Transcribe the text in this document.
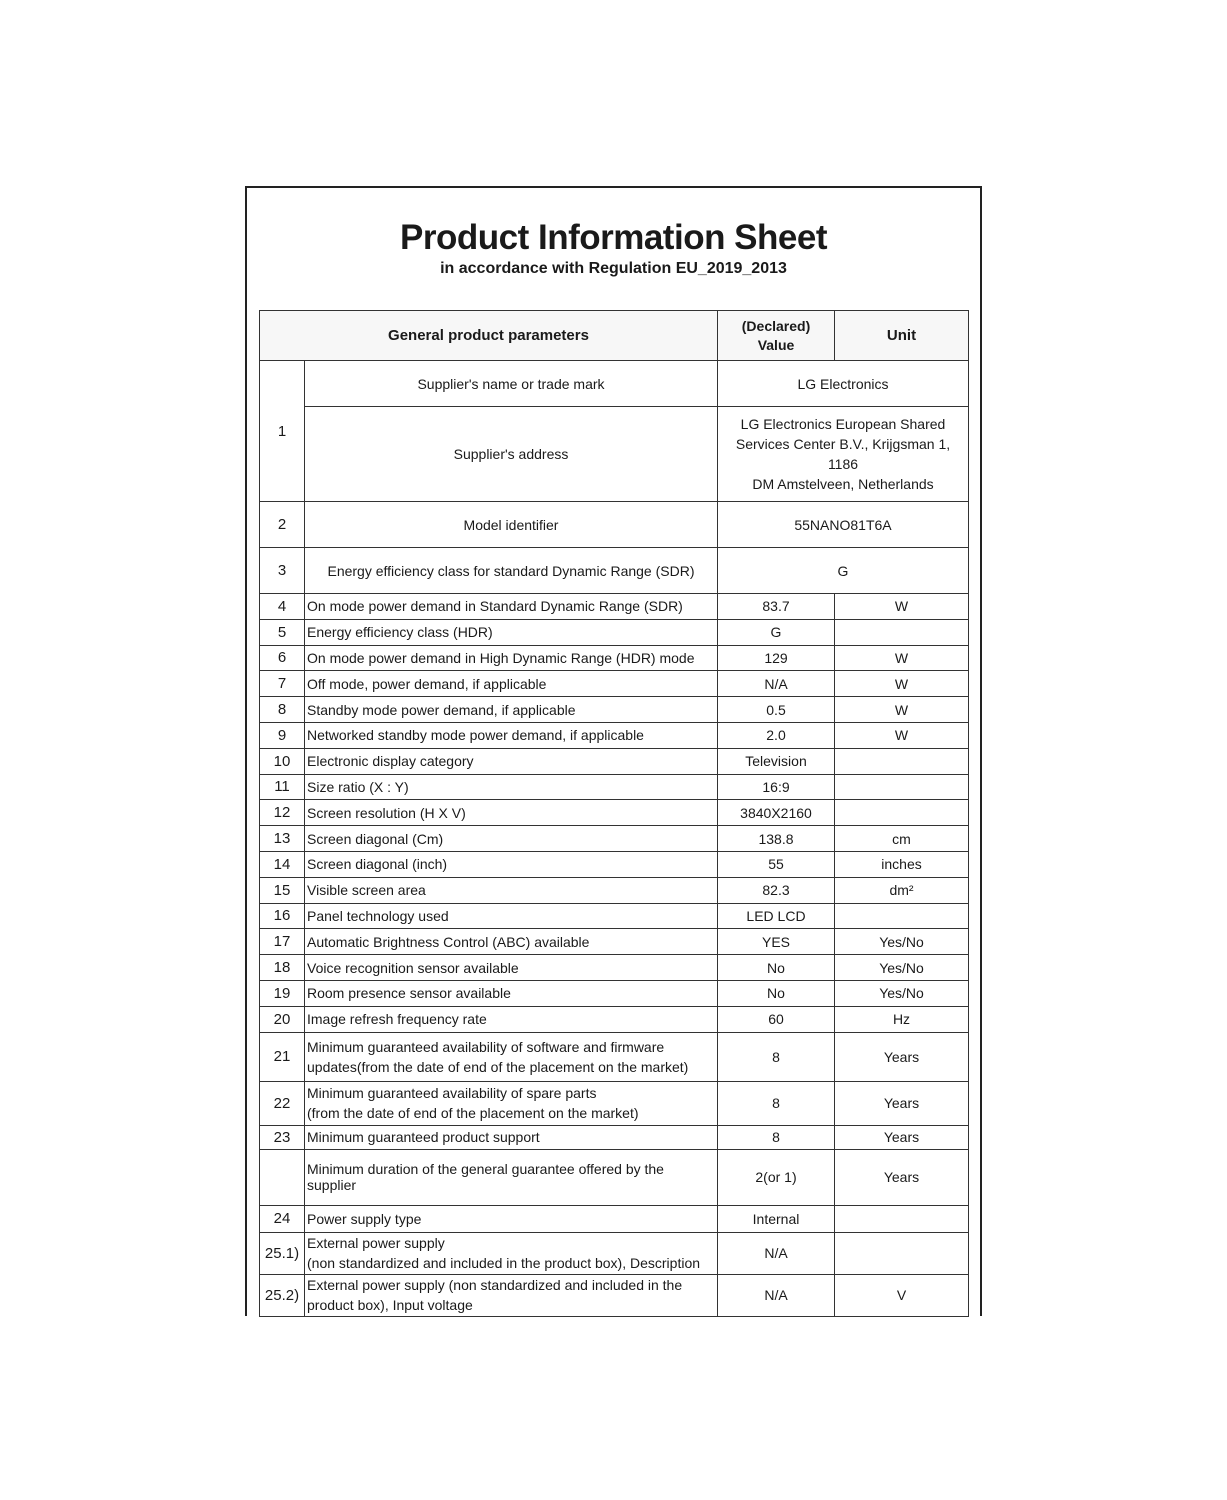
Product Information Sheet
in accordance with Regulation EU_2019_2013
General product parameters		(Declared)
Value	Unit
1	Supplier's name or trade mark	LG Electronics	
	Supplier's address	LG Electronics European Shared
Services Center B.V., Krijgsman 1, 1186
DM Amstelveen, Netherlands	

2	Model identifier	55NANO81T6A	
3	Energy efficiency class for standard Dynamic Range (SDR)	G	
4	On mode power demand in Standard Dynamic Range (SDR)	83.7	W
5	Energy efficiency class (HDR)	G	
6	On mode power demand in High Dynamic Range (HDR) mode	129	W
7	Off mode, power demand, if applicable	N/A	W
8	Standby mode power demand, if applicable	0.5	W
9	Networked standby mode power demand, if applicable	2.0	W
10	Electronic display category	Television	
11	Size ratio (X : Y)	16:9	
12	Screen resolution (H X V)	3840X2160	
13	Screen diagonal (Cm)	138.8	cm
14	Screen diagonal (inch)	55	inches
15	Visible screen area	82.3	dm²
16	Panel technology used	LED LCD	
17	Automatic Brightness Control (ABC) available	YES	Yes/No
18	Voice recognition sensor available	No	Yes/No
19	Room presence sensor available	No	Yes/No
20	Image refresh frequency rate	60	Hz
21	Minimum guaranteed availability of software and firmware
updates(from the date of end of the placement on the market)	8	Years
22	Minimum guaranteed availability of spare parts
(from the date of end of the placement on the market)	8	Years
23	Minimum guaranteed product support	8	Years
	Minimum duration of the general guarantee offered by the supplier	2(or 1)	Years
24	Power supply type	Internal	
25.1)	External power supply
(non standardized and included in the product box), Description	N/A	
25.2)	External power supply (non standardized and included in the
product box), Input voltage	N/A	V
